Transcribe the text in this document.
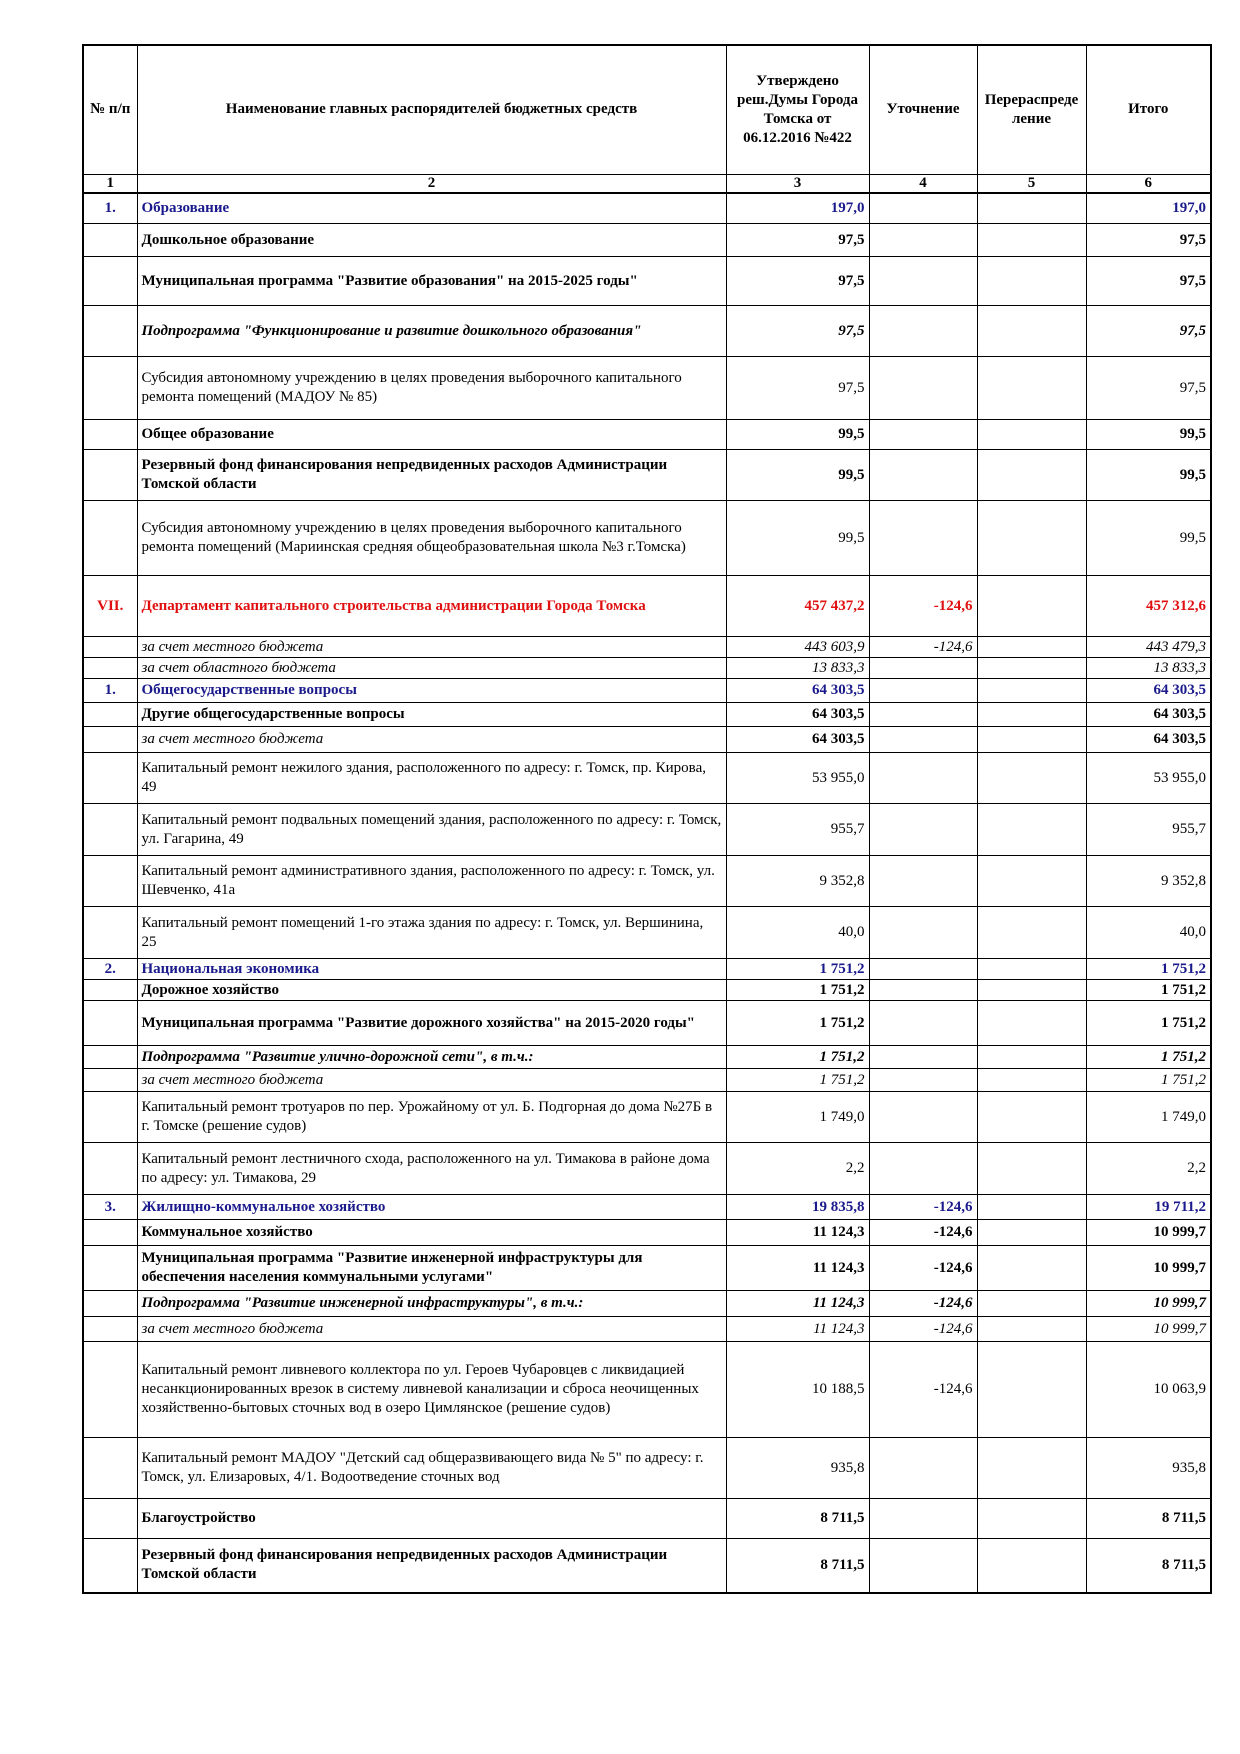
№ п/п	Наименование главных распорядителей бюджетных средств	Утверждено реш.Думы Города Томска от 06.12.2016 №422	Уточнение	Перераспреде ление	Итого
1	2	3	4	5	6
1.	Образование	197,0			197,0
	Дошкольное образование	97,5			97,5
	Муниципальная программа "Развитие образования" на 2015-2025 годы"	97,5			97,5
	Подпрограмма "Функционирование и развитие дошкольного образования"	97,5			97,5
	Субсидия автономному учреждению в целях проведения выборочного капитального ремонта помещений (МАДОУ № 85)	97,5			97,5
	Общее образование	99,5			99,5
	Резервный фонд финансирования непредвиденных расходов Администрации Томской области	99,5			99,5
	Субсидия автономному учреждению в целях проведения выборочного капитального ремонта помещений (Мариинская средняя общеобразовательная школа №3 г.Томска)	99,5			99,5
VII.	Департамент капитального строительства администрации Города Томска	457 437,2	-124,6		457 312,6
	за счет местного бюджета	443 603,9	-124,6		443 479,3
	за счет областного бюджета	13 833,3			13 833,3
1.	Общегосударственные вопросы	64 303,5			64 303,5
	Другие общегосударственные вопросы	64 303,5			64 303,5
	за счет местного бюджета	64 303,5			64 303,5
	Капитальный ремонт нежилого здания, расположенного по адресу: г. Томск, пр. Кирова, 49	53 955,0			53 955,0
	Капитальный ремонт подвальных помещений здания, расположенного по адресу: г. Томск, ул. Гагарина, 49	955,7			955,7
	Капитальный ремонт административного здания, расположенного по адресу: г. Томск, ул. Шевченко, 41а	9 352,8			9 352,8
	Капитальный ремонт помещений 1-го этажа здания по адресу: г. Томск, ул. Вершинина, 25	40,0			40,0
2.	Национальная экономика	1 751,2			1 751,2
	Дорожное хозяйство	1 751,2			1 751,2
	Муниципальная программа "Развитие дорожного хозяйства" на 2015-2020 годы"	1 751,2			1 751,2
	Подпрограмма "Развитие улично-дорожной сети", в т.ч.:	1 751,2			1 751,2
	за счет местного бюджета	1 751,2			1 751,2
	Капитальный ремонт тротуаров по пер. Урожайному от ул. Б. Подгорная до дома №27Б в г. Томске (решение судов)	1 749,0			1 749,0
	Капитальный ремонт лестничного схода, расположенного на ул. Тимакова в районе дома по адресу: ул. Тимакова, 29	2,2			2,2
3.	Жилищно-коммунальное хозяйство	19 835,8	-124,6		19 711,2
	Коммунальное хозяйство	11 124,3	-124,6		10 999,7
	Муниципальная программа "Развитие инженерной инфраструктуры для обеспечения населения коммунальными услугами"	11 124,3	-124,6		10 999,7
	Подпрограмма "Развитие инженерной инфраструктуры", в т.ч.:	11 124,3	-124,6		10 999,7
	за счет местного бюджета	11 124,3	-124,6		10 999,7
	Капитальный ремонт ливневого коллектора по ул. Героев Чубаровцев с ликвидацией несанкционированных врезок в систему ливневой канализации и сброса неочищенных хозяйственно-бытовых сточных вод в озеро Цимлянское (решение судов)	10 188,5	-124,6		10 063,9
	Капитальный ремонт МАДОУ "Детский сад общеразвивающего вида № 5" по адресу: г. Томск, ул. Елизаровых, 4/1. Водоотведение сточных вод	935,8			935,8
	Благоустройство	8 711,5			8 711,5
	Резервный фонд финансирования непредвиденных расходов Администрации Томской области	8 711,5			8 711,5
